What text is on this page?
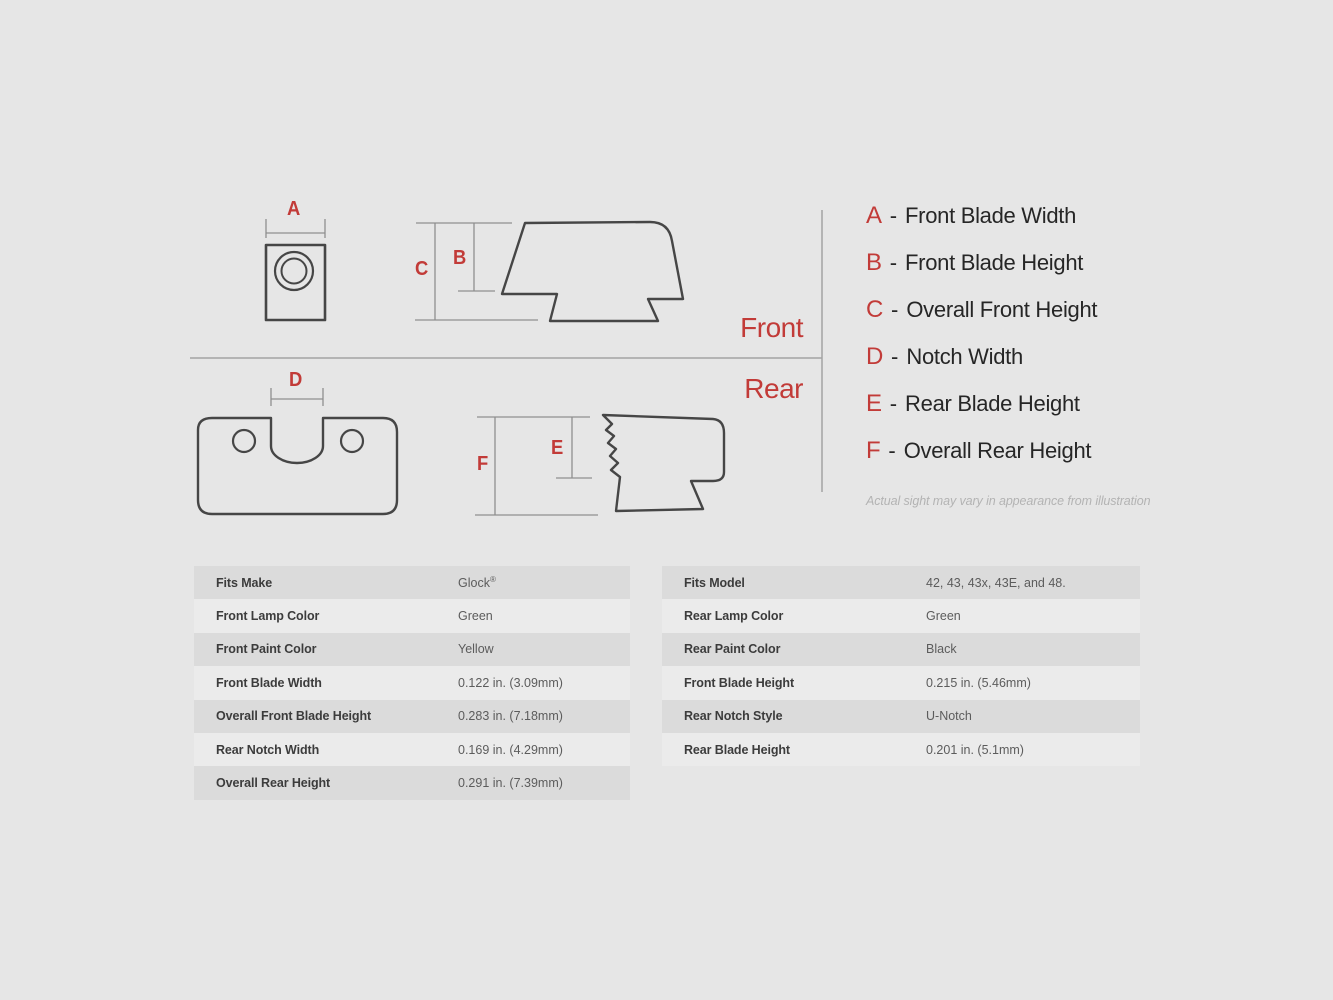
A
B
C
D
E
F
Front
Rear
A - Front Blade Width
B - Front Blade Height
C - Overall Front Height
D - Notch Width
E - Rear Blade Height
F - Overall Rear Height
Actual sight may vary in appearance from illustration
Fits Make	Glock®
Front Lamp Color	Green
Front Paint Color	Yellow
Front Blade Width	0.122 in. (3.09mm)
Overall Front Blade Height	0.283 in. (7.18mm)
Rear Notch Width	0.169 in. (4.29mm)
Overall Rear Height	0.291 in. (7.39mm)
Fits Model	42, 43, 43x, 43E, and 48.
Rear Lamp Color	Green
Rear Paint Color	Black
Front Blade Height	0.215 in. (5.46mm)
Rear Notch Style	U-Notch
Rear Blade Height	0.201 in. (5.1mm)
